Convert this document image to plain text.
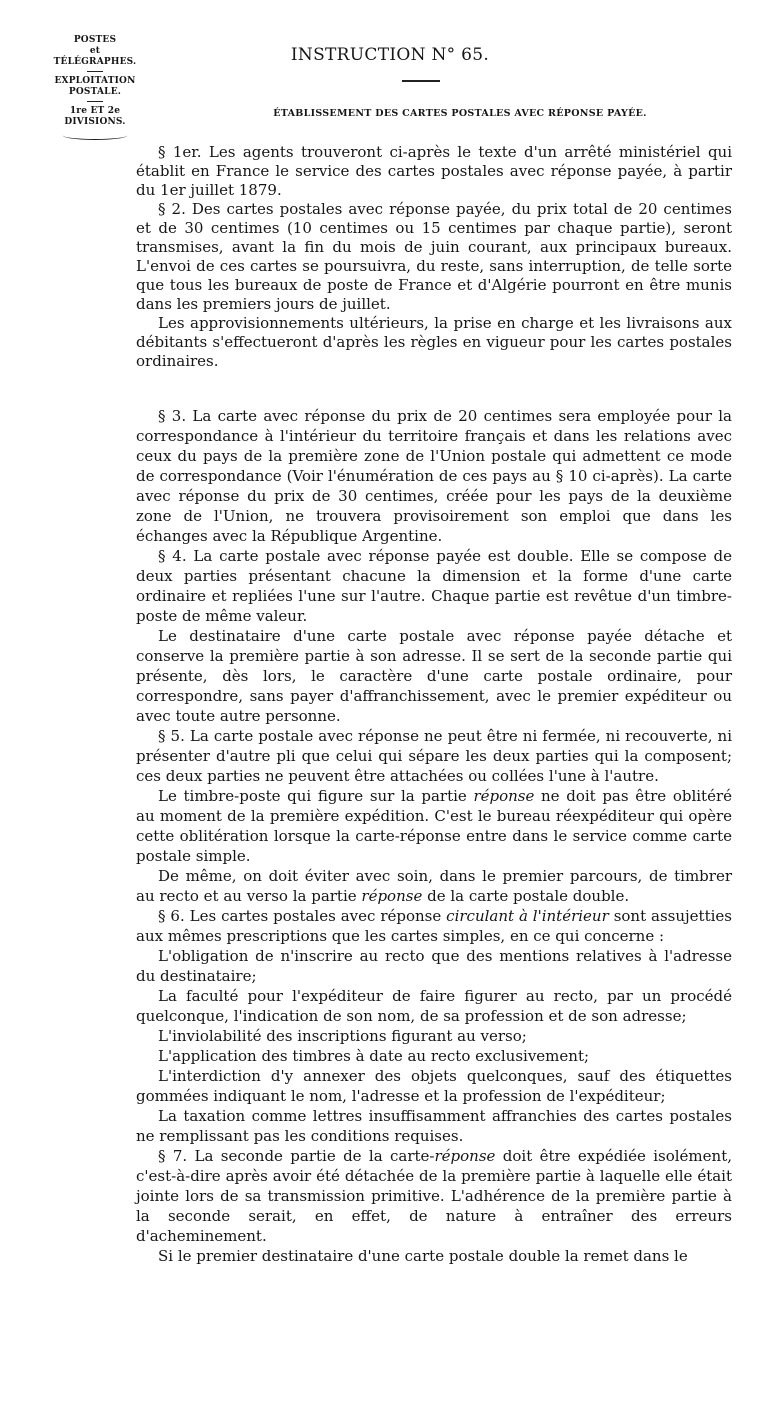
POSTES
et
TÉLÉGRAPHES.
EXPLOITATION
POSTALE.
1re ET 2e
DIVISIONS.
INSTRUCTION N° 65.
ÉTABLISSEMENT DES CARTES POSTALES AVEC RÉPONSE PAYÉE.

§ 1er. Les agents trouveront ci-après le texte d'un arrêté ministériel qui établit en France le service des cartes postales avec réponse payée, à partir du 1er juillet 1879.

§ 2. Des cartes postales avec réponse payée, du prix total de 20 centimes et de 30 centimes (10 centimes ou 15 centimes par chaque partie), seront transmises, avant la fin du mois de juin courant, aux principaux bureaux. L'envoi de ces cartes se poursuivra, du reste, sans interruption, de telle sorte que tous les bureaux de poste de France et d'Algérie pourront en être munis dans les premiers jours de juillet.

Les approvisionnements ultérieurs, la prise en charge et les livraisons aux débitants s'effectueront d'après les règles en vigueur pour les cartes postales ordinaires.

§ 3. La carte avec réponse du prix de 20 centimes sera employée pour la correspondance à l'intérieur du territoire français et dans les relations avec ceux du pays de la première zone de l'Union postale qui admettent ce mode de correspondance (Voir l'énumération de ces pays au § 10 ci-après). La carte avec réponse du prix de 30 centimes, créée pour les pays de la deuxième zone de l'Union, ne trouvera provisoirement son emploi que dans les échanges avec la République Argentine.

§ 4. La carte postale avec réponse payée est double. Elle se compose de deux parties présentant chacune la dimension et la forme d'une carte ordinaire et repliées l'une sur l'autre. Chaque partie est revêtue d'un timbre-poste de même valeur.

Le destinataire d'une carte postale avec réponse payée détache et conserve la première partie à son adresse. Il se sert de la seconde partie qui présente, dès lors, le caractère d'une carte postale ordinaire, pour correspondre, sans payer d'affranchissement, avec le premier expéditeur ou avec toute autre personne.

§ 5. La carte postale avec réponse ne peut être ni fermée, ni recouverte, ni présenter d'autre pli que celui qui sépare les deux parties qui la composent; ces deux parties ne peuvent être attachées ou collées l'une à l'autre.

Le timbre-poste qui figure sur la partie réponse ne doit pas être oblitéré au moment de la première expédition. C'est le bureau réexpéditeur qui opère cette oblitération lorsque la carte-réponse entre dans le service comme carte postale simple.

De même, on doit éviter avec soin, dans le premier parcours, de timbrer au recto et au verso la partie réponse de la carte postale double.

§ 6. Les cartes postales avec réponse circulant à l'intérieur sont assujetties aux mêmes prescriptions que les cartes simples, en ce qui concerne :

L'obligation de n'inscrire au recto que des mentions relatives à l'adresse du destinataire;

La faculté pour l'expéditeur de faire figurer au recto, par un procédé quelconque, l'indication de son nom, de sa profession et de son adresse;

L'inviolabilité des inscriptions figurant au verso;

L'application des timbres à date au recto exclusivement;

L'interdiction d'y annexer des objets quelconques, sauf des étiquettes gommées indiquant le nom, l'adresse et la profession de l'expéditeur;

La taxation comme lettres insuffisamment affranchies des cartes postales ne remplissant pas les conditions requises.

§ 7. La seconde partie de la carte-réponse doit être expédiée isolément, c'est-à-dire après avoir été détachée de la première partie à laquelle elle était jointe lors de sa transmission primitive. L'adhérence de la première partie à la seconde serait, en effet, de nature à entraîner des erreurs d'acheminement.

Si le premier destinataire d'une carte postale double la remet dans le
